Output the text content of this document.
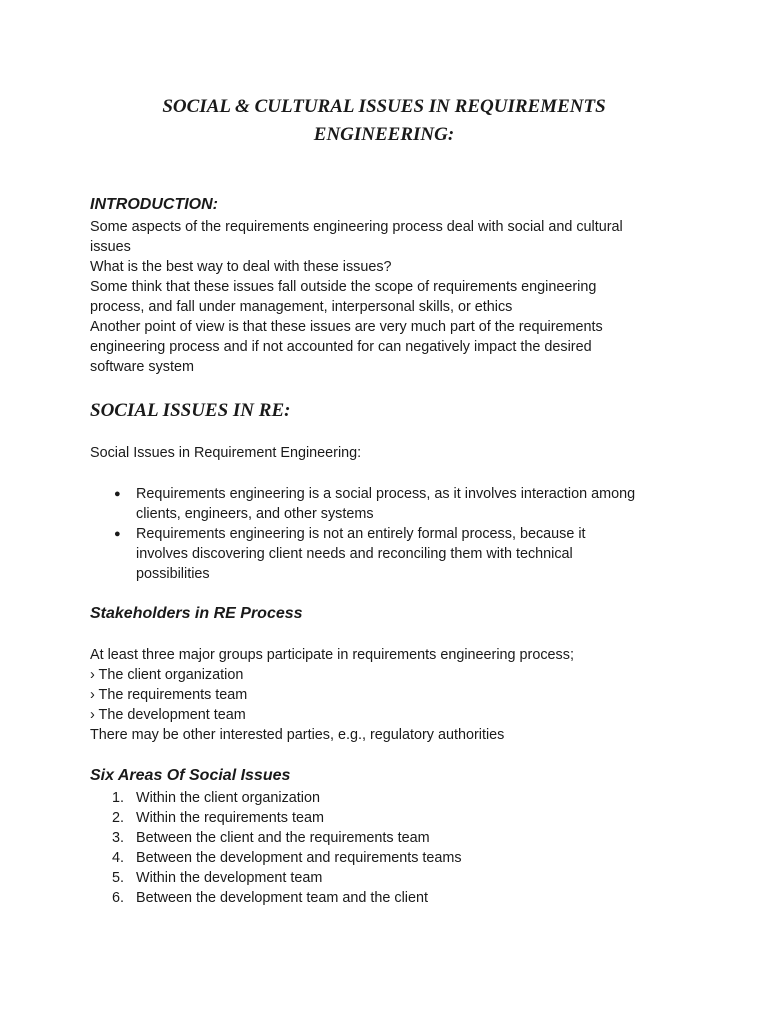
SOCIAL & CULTURAL ISSUES IN REQUIREMENTS
ENGINEERING:
INTRODUCTION:

Some aspects of the requirements engineering process deal with social and cultural
issues
What is the best way to deal with these issues?
Some think that these issues fall outside the scope of requirements engineering
process, and fall under management, interpersonal skills, or ethics
Another point of view is that these issues are very much part of the requirements
engineering process and if not accounted for can negatively impact the desired
software system

SOCIAL ISSUES IN RE:

Social Issues in Requirement Engineering:

● Requirements engineering is a social process, as it involves interaction among
clients, engineers, and other systems
● Requirements engineering is not an entirely formal process, because it
involves discovering client needs and reconciling them with technical
possibilities
Stakeholders in RE Process

At least three major groups participate in requirements engineering process;
› The client organization
› The requirements team
› The development team
There may be other interested parties, e.g., regulatory authorities

Six Areas Of Social Issues
1. Within the client organization
2. Within the requirements team
3. Between the client and the requirements team
4. Between the development and requirements teams
5. Within the development team
6. Between the development team and the client
